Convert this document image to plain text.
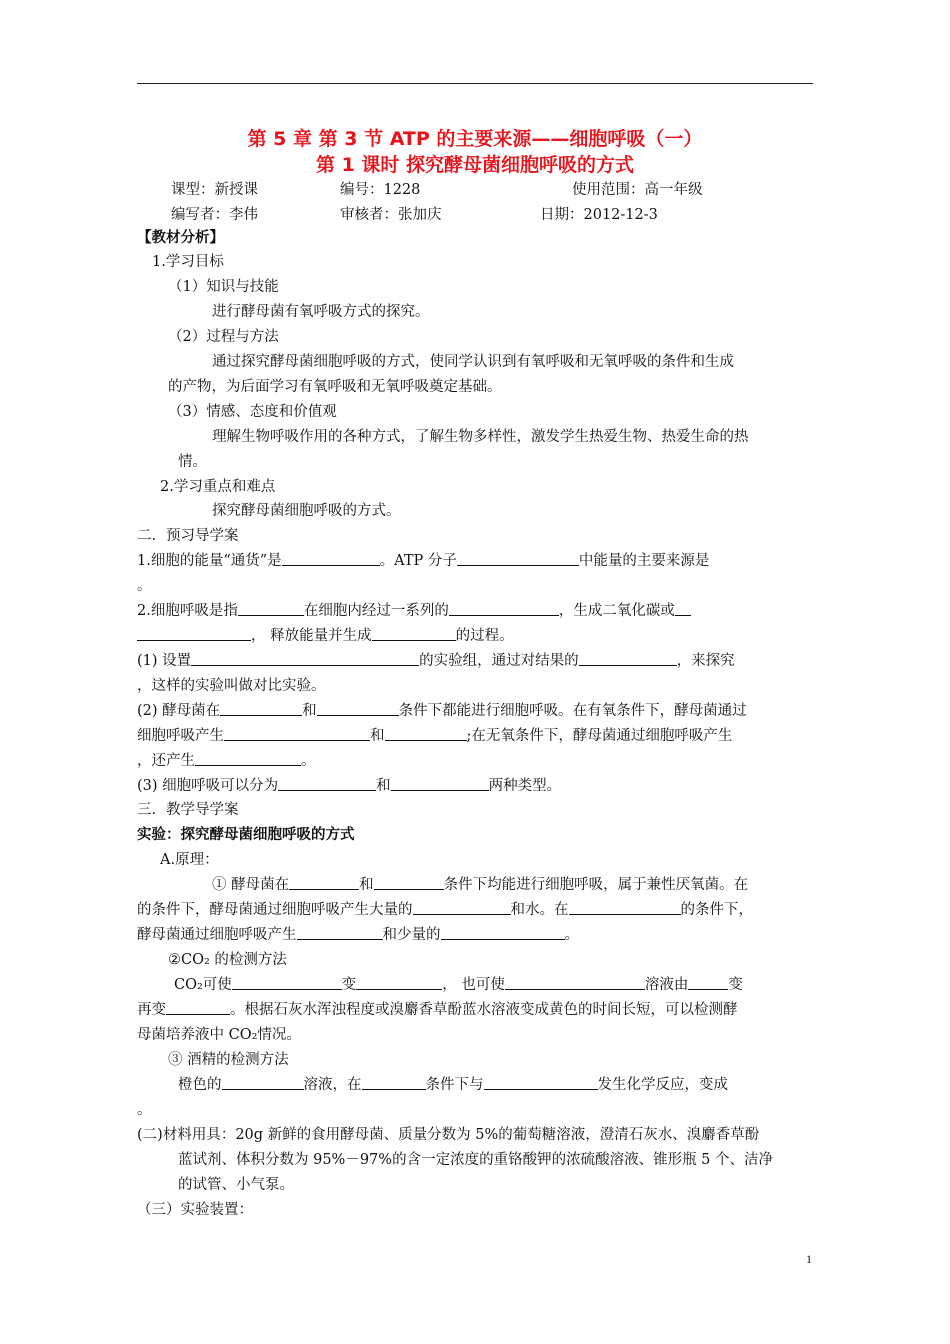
第 5 章 第 3 节 ATP 的主要来源——细胞呼吸（一）
第 1 课时 探究酵母菌细胞呼吸的方式
课型：新授课	编号：1228	使用范围：高一年级
编写者：李伟	审核者：张加庆	日期：2012-12-3
【教材分析】
1.学习目标
（1）知识与技能
进行酵母菌有氧呼吸方式的探究。
（2）过程与方法
通过探究酵母菌细胞呼吸的方式，使同学认识到有氧呼吸和无氧呼吸的条件和生成
的产物，为后面学习有氧呼吸和无氧呼吸奠定基础。
（3）情感、态度和价值观
理解生物呼吸作用的各种方式，了解生物多样性，激发学生热爱生物、热爱生命的热
情。
2.学习重点和难点
探究酵母菌细胞呼吸的方式。
二．预习导学案
1.细胞的能量“通货”是	。ATP 分子	中能量的主要来源是
。
2.细胞呼吸是指	在细胞内经过一系列的	，生成二氧化碳或
， 释放能量并生成	的过程。
(1) 设置	的实验组，通过对结果的	，来探究
，这样的实验叫做对比实验。
(2) 酵母菌在	和	条件下都能进行细胞呼吸。在有氧条件下，酵母菌通过
细胞呼吸产生	和	;在无氧条件下，酵母菌通过细胞呼吸产生
，还产生	。
(3) 细胞呼吸可以分为	和	两种类型。
三．教学导学案
实验：探究酵母菌细胞呼吸的方式
A.原理：
① 酵母菌在	和	条件下均能进行细胞呼吸，属于兼性厌氧菌。在
的条件下，酵母菌通过细胞呼吸产生大量的	和水。在	的条件下，
酵母菌通过细胞呼吸产生	和少量的	。
②CO₂ 的检测方法
CO₂可使	变	， 也可使	溶液由	变
再变	。根据石灰水浑浊程度或溴麝香草酚蓝水溶液变成黄色的时间长短，可以检测酵
母菌培养液中 CO₂情况。
③ 酒精的检测方法
橙色的	溶液，在	条件下与	发生化学反应，变成
。
(二)材料用具：20g 新鲜的食用酵母菌、质量分数为 5%的葡萄糖溶液，澄清石灰水、溴麝香草酚
蓝试剂、体积分数为 95%－97%的含一定浓度的重铬酸钾的浓硫酸溶液、锥形瓶 5 个、洁净
的试管、小气泵。
（三）实验装置：
1
